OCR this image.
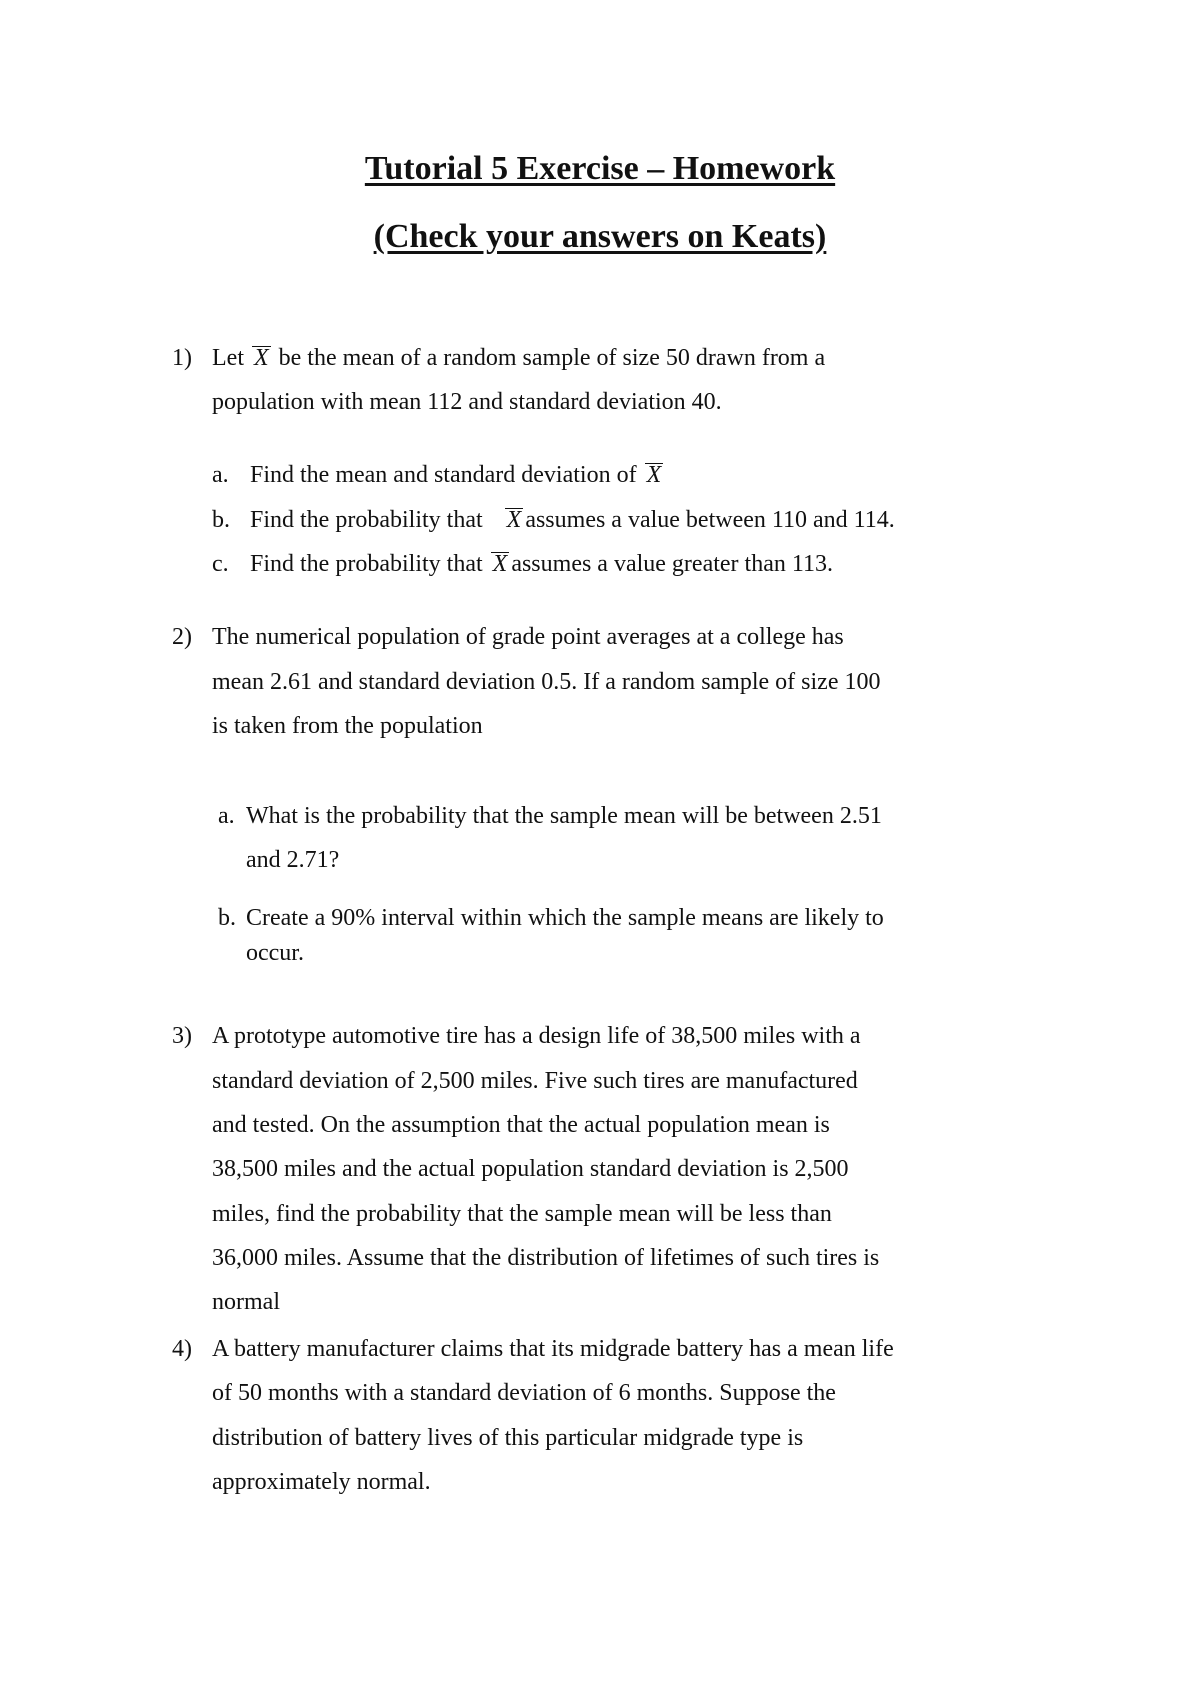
Tutorial 5 Exercise – Homework
(Check your answers on Keats)
1) Let X be the mean of a random sample of size 50 drawn from a
population with mean 112 and standard deviation 40.
a. Find the mean and standard deviation of X
b. Find the probability that X assumes a value between 110 and 114.
c. Find the probability that X assumes a value greater than 113.
2) The numerical population of grade point averages at a college has
mean 2.61 and standard deviation 0.5. If a random sample of size 100
is taken from the population
a. What is the probability that the sample mean will be between 2.51
and 2.71?
b. Create a 90% interval within which the sample means are likely to
occur.
3) A prototype automotive tire has a design life of 38,500 miles with a
standard deviation of 2,500 miles. Five such tires are manufactured
and tested. On the assumption that the actual population mean is
38,500 miles and the actual population standard deviation is 2,500
miles, find the probability that the sample mean will be less than
36,000 miles. Assume that the distribution of lifetimes of such tires is
normal
4) A battery manufacturer claims that its midgrade battery has a mean life
of 50 months with a standard deviation of 6 months. Suppose the
distribution of battery lives of this particular midgrade type is
approximately normal.
